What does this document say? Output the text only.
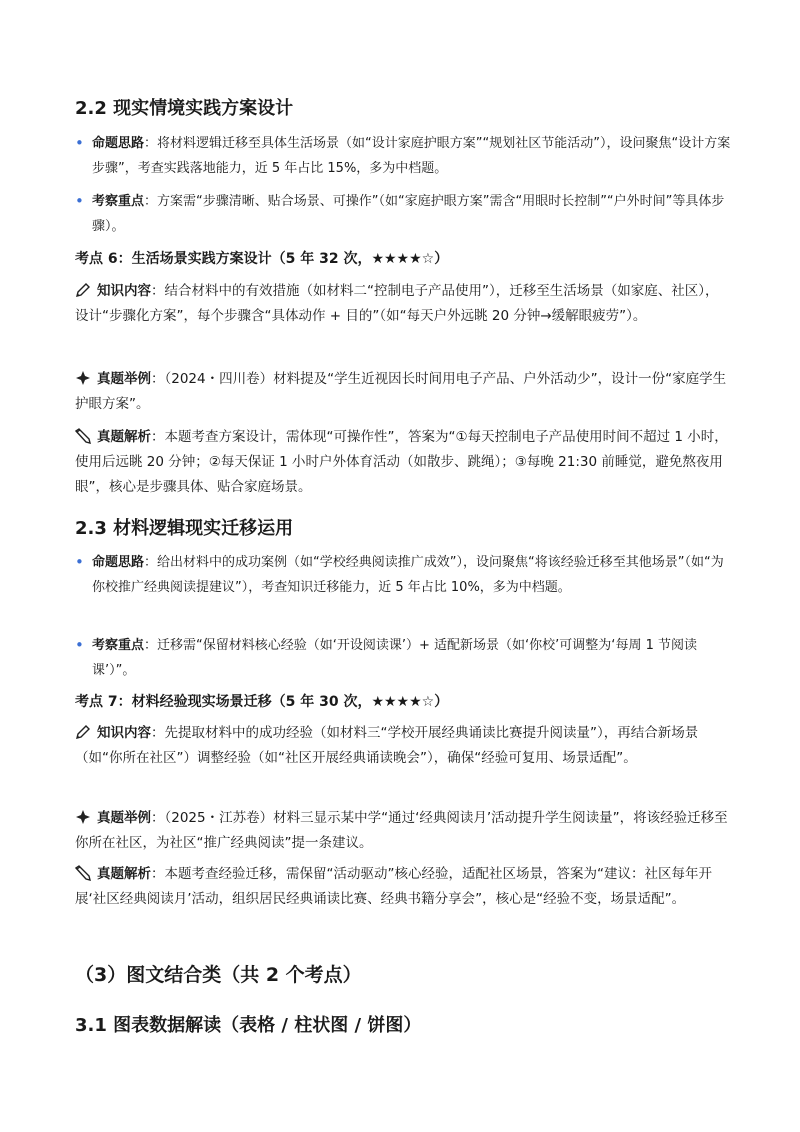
2.2 现实情境实践方案设计
• 命题思路：将材料逻辑迁移至具体生活场景（如“设计家庭护眼方案”“规划社区节能活动”），设问聚焦“设计方案步骤”，考查实践落地能力，近 5 年占比 15%，多为中档题。
• 考察重点：方案需“步骤清晰、贴合场景、可操作”（如“家庭护眼方案”需含“用眼时长控制”“户外时间”等具体步骤）。
考点 6：生活场景实践方案设计（5 年 32 次，★★★★☆）
知识内容：结合材料中的有效措施（如材料二“控制电子产品使用”），迁移至生活场景（如家庭、社区），设计“步骤化方案”，每个步骤含“具体动作 + 目的”（如“每天户外远眺 20 分钟→缓解眼疲劳”）。
真题举例：（2024・四川卷）材料提及“学生近视因长时间用电子产品、户外活动少”，设计一份“家庭学生护眼方案”。
真题解析：本题考查方案设计，需体现“可操作性”，答案为“①每天控制电子产品使用时间不超过 1 小时，使用后远眺 20 分钟；②每天保证 1 小时户外体育活动（如散步、跳绳）；③每晚 21:30 前睡觉，避免熬夜用眼”，核心是步骤具体、贴合家庭场景。
2.3 材料逻辑现实迁移运用
• 命题思路：给出材料中的成功案例（如“学校经典阅读推广成效”），设问聚焦“将该经验迁移至其他场景”（如“为你校推广经典阅读提建议”），考查知识迁移能力，近 5 年占比 10%，多为中档题。
• 考察重点：迁移需“保留材料核心经验（如‘开设阅读课’）+ 适配新场景（如‘你校’可调整为‘每周 1 节阅读课’）”。
考点 7：材料经验现实场景迁移（5 年 30 次，★★★★☆）
知识内容：先提取材料中的成功经验（如材料三“学校开展经典诵读比赛提升阅读量”），再结合新场景（如“你所在社区”）调整经验（如“社区开展经典诵读晚会”），确保“经验可复用、场景适配”。
真题举例：（2025・江苏卷）材料三显示某中学“通过‘经典阅读月’活动提升学生阅读量”，将该经验迁移至你所在社区，为社区“推广经典阅读”提一条建议。
真题解析：本题考查经验迁移，需保留“活动驱动”核心经验，适配社区场景，答案为“建议：社区每年开展‘社区经典阅读月’活动，组织居民经典诵读比赛、经典书籍分享会”，核心是“经验不变，场景适配”。
（3）图文结合类（共 2 个考点）
3.1 图表数据解读（表格 / 柱状图 / 饼图）
